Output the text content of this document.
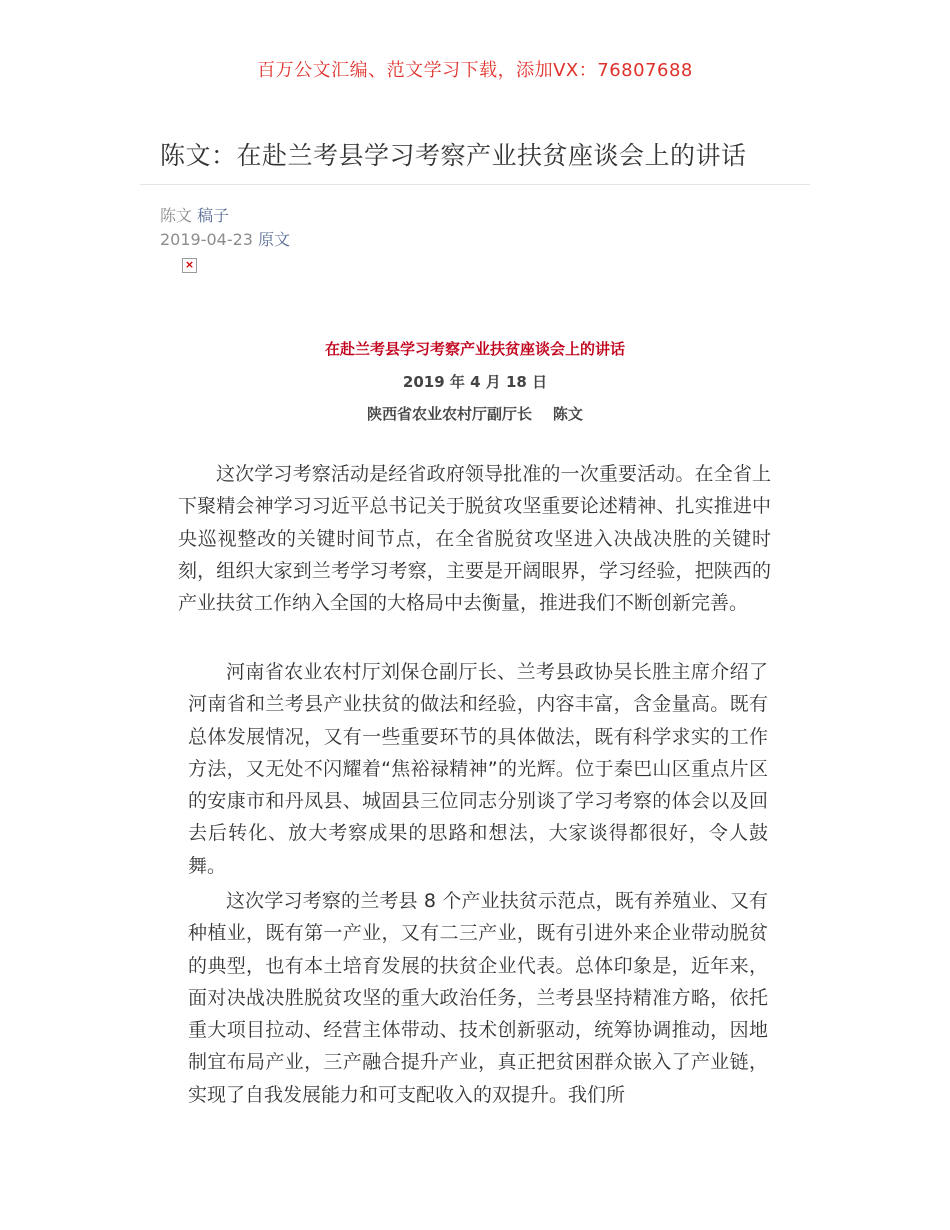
百万公文汇编、范文学习下载，添加VX：76807688
陈文：在赴兰考县学习考察产业扶贫座谈会上的讲话
陈文 稿子
2019-04-23 原文
×
在赴兰考县学习考察产业扶贫座谈会上的讲话
2019 年 4 月 18 日
陕西省农业农村厅副厅长    陈文

这次学习考察活动是经省政府领导批准的一次重要活动。在全省上下聚精会神学习习近平总书记关于脱贫攻坚重要论述精神、扎实推进中央巡视整改的关键时间节点，在全省脱贫攻坚进入决战决胜的关键时刻，组织大家到兰考学习考察，主要是开阔眼界，学习经验，把陕西的产业扶贫工作纳入全国的大格局中去衡量，推进我们不断创新完善。

河南省农业农村厅刘保仓副厅长、兰考县政协吴长胜主席介绍了河南省和兰考县产业扶贫的做法和经验，内容丰富，含金量高。既有总体发展情况，又有一些重要环节的具体做法，既有科学求实的工作方法，又无处不闪耀着“焦裕禄精神”的光辉。位于秦巴山区重点片区的安康市和丹凤县、城固县三位同志分别谈了学习考察的体会以及回去后转化、放大考察成果的思路和想法，大家谈得都很好，令人鼓舞。

这次学习考察的兰考县 8 个产业扶贫示范点，既有养殖业、又有种植业，既有第一产业，又有二三产业，既有引进外来企业带动脱贫的典型，也有本土培育发展的扶贫企业代表。总体印象是，近年来，面对决战决胜脱贫攻坚的重大政治任务，兰考县坚持精准方略，依托重大项目拉动、经营主体带动、技术创新驱动，统筹协调推动，因地制宜布局产业，三产融合提升产业，真正把贫困群众嵌入了产业链，实现了自我发展能力和可支配收入的双提升。我们所
